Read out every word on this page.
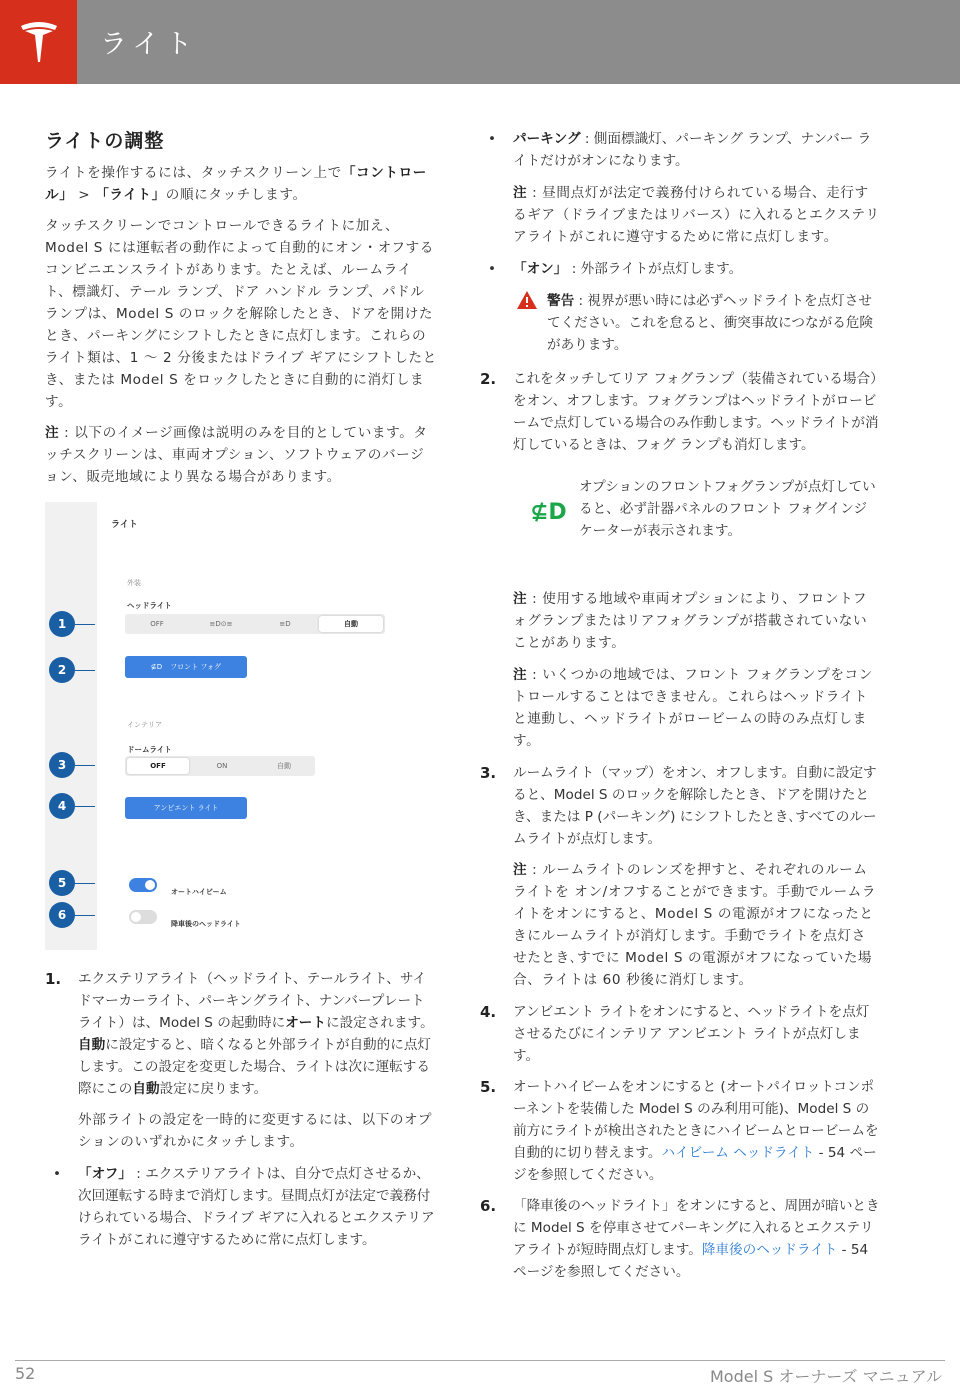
ライト
ライトの調整

ライトを操作するには、タッチスクリーン上で「コントロール」 > 「ライト」の順にタッチします。

タッチスクリーンでコントロールできるライトに加え、Model S には運転者の動作によって自動的にオン・オフするコンビニエンスライトがあります。たとえば、ルームライト、標識灯、テール ランプ、ドア ハンドル ランプ、パドル ランプは、Model S のロックを解除したとき、ドアを開けたとき、パーキングにシフトしたときに点灯します。これらのライト類は、1 ～ 2 分後またはドライブ ギアにシフトしたとき、または Model S をロックしたときに自動的に消灯します。

注 : 以下のイメージ画像は説明のみを目的としています。タッチスクリーンは、車両オプション、ソフトウェアのバージョン、販売地域により異なる場合があります。

ライト
外装
ヘッドライト
OFF	≡D⊙≡	≡D	自動
⊈D フロント フォグ
インテリア
ドームライト
OFF	ON	自動
アンビエント ライト
オートハイビーム
降車後のヘッドライト
1
2
3
4
5
6
1. エクステリアライト（ヘッドライト、テールライト、サイドマーカーライト、パーキングライト、ナンバープレートライト）は、Model S の起動時にオートに設定されます。自動に設定すると、暗くなると外部ライトが自動的に点灯します。この設定を変更した場合、ライトは次に運転する際にこの自動設定に戻ります。

外部ライトの設定を一時的に変更するには、以下のオプションのいずれかにタッチします。

• 「オフ」 : エクステリアライトは、自分で点灯させるか、次回運転する時まで消灯します。昼間点灯が法定で義務付けられている場合、ドライブ ギアに入れるとエクステリアライトがこれに遵守するために常に点灯します。
• パーキング : 側面標識灯、パーキング ランプ、ナンバー ライトだけがオンになります。

注 : 昼間点灯が法定で義務付けられている場合、走行するギア（ドライブまたはリバース）に入れるとエクステリアライトがこれに遵守するために常に点灯します。

• 「オン」 : 外部ライトが点灯します。
警告 : 視界が悪い時には必ずヘッドライトを点灯させてください。これを怠ると、衝突事故につながる危険があります。
2. これをタッチしてリア フォグランプ（装備されている場合）をオン、オフします。フォグランプはヘッドライトがロービームで点灯している場合のみ作動します。ヘッドライトが消灯しているときは、フォグ ランプも消灯します。
⊈D
オプションのフロントフォグランプが点灯していると、必ず計器パネルのフロント フォグインジケーターが表示されます。

注 : 使用する地域や車両オプションにより、フロントフォグランプまたはリアフォグランプが搭載されていないことがあります。

注 : いくつかの地域では、フロント フォグランプをコントロールすることはできません。これらはヘッドライトと連動し、ヘッドライトがロービームの時のみ点灯します。

3. ルームライト（マップ）をオン、オフします。自動に設定すると、Model S のロックを解除したとき、ドアを開けたとき、または P (パーキング) にシフトしたとき､すべてのルームライトが点灯します。

注 : ルームライトのレンズを押すと、それぞれのルームライトを オン/オフすることができます。手動でルームライトをオンにすると、Model S の電源がオフになったときにルームライトが消灯します。手動でライトを点灯させたとき､すでに Model S の電源がオフになっていた場合、ライトは 60 秒後に消灯します。

4. アンビエント ライトをオンにすると、ヘッドライトを点灯させるたびにインテリア アンビエント ライトが点灯します。
5. オートハイビームをオンにすると (オートパイロットコンポーネントを装備した Model S のみ利用可能)、Model S の前方にライトが検出されたときにハイビームとロービームを自動的に切り替えます。ハイビーム ヘッドライト - 54 ページを参照してください。
6. 「降車後のヘッドライト」をオンにすると、周囲が暗いときに Model S を停車させてパーキングに入れるとエクステリアライトが短時間点灯します。降車後のヘッドライト - 54 ページを参照してください。
52	Model S オーナーズ マニュアル
